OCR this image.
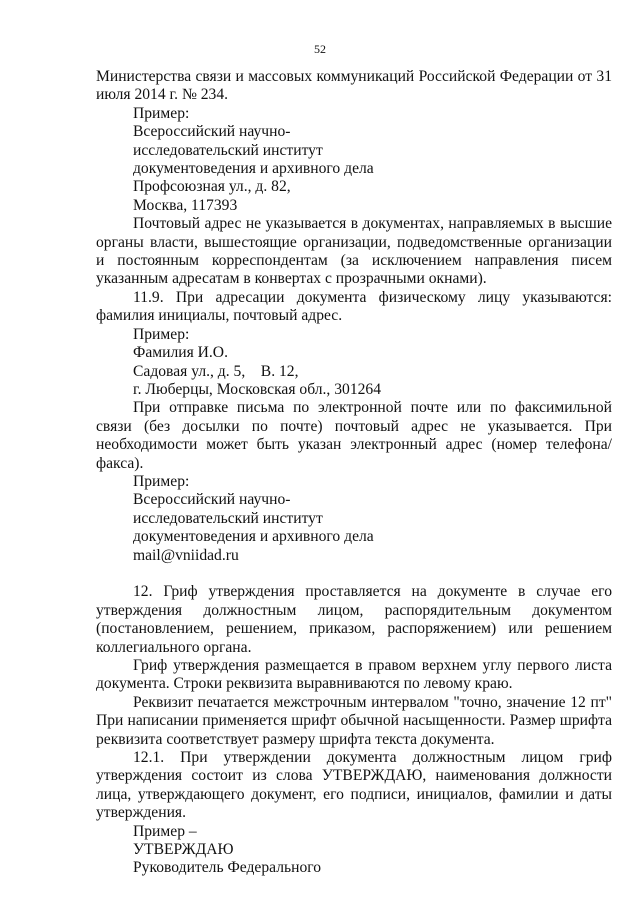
52

Министерства связи и массовых коммуникаций Российской Федерации от 31

июля 2014 г. № 234.

Пример:

Всероссийский научно-

исследовательский институт

документоведения и архивного дела

Профсоюзная ул., д. 82,

Москва, 117393

Почтовый адрес не указывается в документах, направляемых в высшие органы власти, вышестоящие организации, подведомственные организации и постоянным корреспондентам (за исключением направления писем указанным адресатам в конвертах с прозрачными окнами).

11.9. При адресации документа физическому лицу указываются: фамилия инициалы, почтовый адрес.

Пример:

Фамилия И.О.

Садовая ул., д. 5,    В. 12,

г. Люберцы, Московская обл., 301264

При отправке письма по электронной почте или по факсимильной связи (без досылки по почте) почтовый адрес не указывается. При необходимости может быть указан электронный адрес (номер телефона/факса).

Пример:

Всероссийский научно-

исследовательский институт

документоведения и архивного дела

mail@vniidad.ru

12. Гриф утверждения проставляется на документе в случае его утверждения должностным лицом, распорядительным документом (постановлением, решением, приказом, распоряжением) или решением коллегиального органа.

Гриф утверждения размещается в правом верхнем углу первого листа документа. Строки реквизита выравниваются по левому краю.

Реквизит печатается межстрочным интервалом "точно, значение 12 пт" При написании применяется шрифт обычной насыщенности. Размер шрифта реквизита соответствует размеру шрифта текста документа.

12.1. При утверждении документа должностным лицом гриф утверждения состоит из слова УТВЕРЖДАЮ, наименования должности лица, утверждающего документ, его подписи, инициалов, фамилии и даты утверждения.

Пример –

УТВЕРЖДАЮ

Руководитель Федерального
